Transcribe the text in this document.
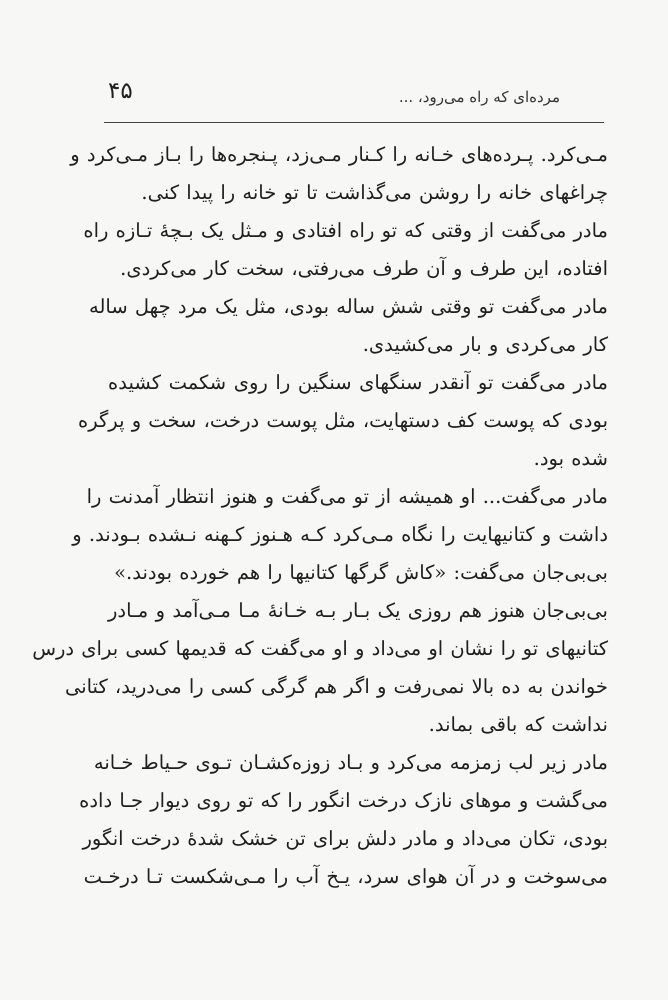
مرده‌ای که راه می‌رود، ...
۴۵
مـی‌کرد. پـرده‌های خـانه را کـنار مـی‌زد، پـنجره‌ها را بـاز مـی‌کرد و
چراغهای خانه را روشن می‌گذاشت تا تو خانه را پیدا کنی.
مادر می‌گفت از وقتی که تو راه افتادی و مـثل یک بـچهٔ تـازه راه
افتاده، این طرف و آن طرف می‌رفتی، سخت کار می‌کردی.
مادر می‌گفت تو وقتی شش ساله بودی، مثل یک مرد چهل ساله
کار می‌کردی و بار می‌کشیدی.
مادر می‌گفت تو آنقدر سنگهای سنگین را روی شکمت کشیده
بودی که پوست کف دستهایت، مثل پوست درخت، سخت و پرگره
شده بود.
مادر می‌گفت... او همیشه از تو می‌گفت و هنوز انتظار آمدنت را
داشت و کتانیهایت را نگاه مـی‌کرد کـه هـنوز کـهنه نـشده بـودند. و
بی‌بی‌جان می‌گفت: «کاش گرگها کتانیها را هم خورده بودند.»
بی‌بی‌جان هنوز هم روزی یک بـار بـه خـانهٔ مـا مـی‌آمد و مـادر
کتانیهای تو را نشان او می‌داد و او می‌گفت که قدیمها کسی برای درس
خواندن به ده بالا نمی‌رفت و اگر هم گرگی کسی را می‌درید، کتانی
نداشت که باقی بماند.
مادر زیر لب زمزمه می‌کرد و بـاد زوزه‌کشـان تـوی حـیاط خـانه
می‌گشت و موهای نازک درخت انگور را که تو روی دیوار جـا داده
بودی، تکان می‌داد و مادر دلش برای تن خشک شدهٔ درخت انگور
می‌سوخت و در آن هوای سرد، یـخ آب را مـی‌شکست تـا درخـت
